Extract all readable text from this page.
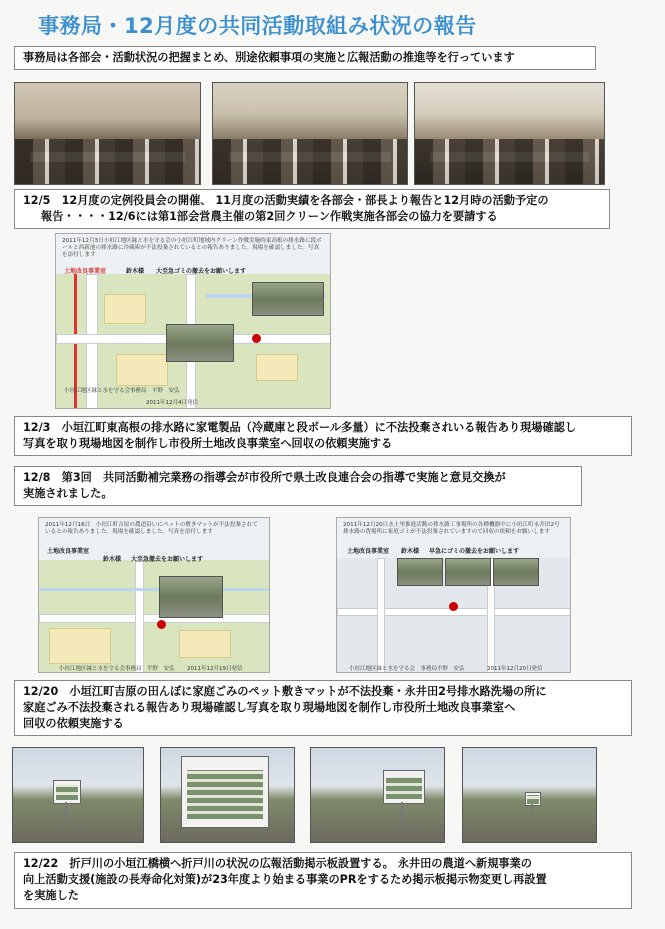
事務局・12月度の共同活動取組み状況の報告
事務局は各部会・活動状況の把握まとめ、別途依頼事項の実施と広報活動の推進等を行っています
12/5　12月度の定例役員会の開催、 11月度の活動実績を各部会・部長より報告と12月時の活動予定の
報告・・・・12/6には第1部会営農主催の第2回クリーン作戦実施各部会の協力を要請する
2011年12月3日小垣江地区縁と水を守る会の小垣江町地域内クリーン作戦実施時東高根の排水路に段ボールと西新池の排水路に冷蔵庫が不法投棄されているとの報告ありました。現場を確認しました。写真を添付します
土地改良事業室	鈴木様 大至急ゴミの撤去をお願いします
小垣江地区縁と水を守る会事務局　平野　安弘
2011年12月4日発信
12/3　小垣江町東高根の排水路に家電製品（冷蔵庫と段ボール多量）に不法投棄されいる報告あり現場確認し
写真を取り現場地図を制作し市役所土地改良事業室へ回収の依頼実施する
12/8　第3回　共同活動補完業務の指導会が市役所で県土改良連合会の指導で実施と意見交換が
実施されました。
2011年12月16日　小垣江町吉原の農道沿いにペットの敷きマットが不法投棄されているとの報告ありました。現場を確認しました。写真を添付します
土地改良事業室
鈴木様 大至急撤去をお願いします
小垣江地区縁と水を守る会事務局　平野　安弘 2011年12月19日発信
2011年12月20日水土里推進活動の排水路工事場所の各種機器中に小垣江町永井田2号排水路の洗場所に家庭ゴミが不法投棄されていますので回収の依頼をお願いします
土地改良事業室 鈴木様 早急にゴミの撤去をお願いします
小垣江地区縁と水を守る会　事務局平野　安弘	2011年12月20日発信
12/20　小垣江町吉原の田んぼに家庭ごみのペット敷きマットが不法投棄・永井田2号排水路洗場の所に
家庭ごみ不法投棄される報告あり現場確認し写真を取り現場地図を制作し市役所土地改良事業室へ
回収の依頼実施する
12/22　折戸川の小垣江橋横へ折戸川の状況の広報活動掲示板設置する。 永井田の農道へ新規事業の
向上活動支援(施設の長寿命化対策)が23年度より始まる事業のPRをするため掲示板掲示物変更し再設置
を実施した
